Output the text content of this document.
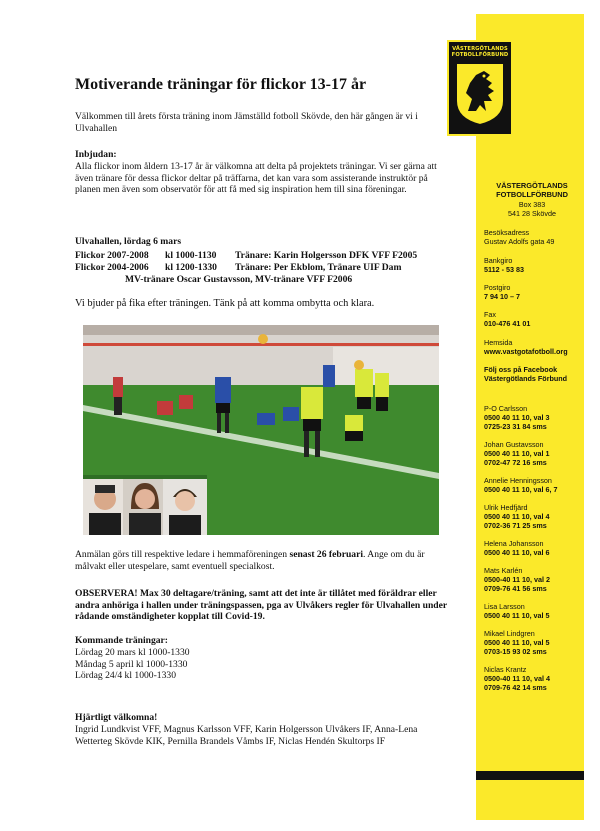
VÄSTERGÖTLANDS
FOTBOLLFÖRBUND
VÄSTERGÖTLANDS
FOTBOLLFÖRBUND
Box 383
541 28 Skövde
Besöksadress
Gustav Adolfs gata 49
Bankgiro
5112 - 53 83
Postgiro
7 94 10 – 7
Fax
010-476 41 01
Hemsida
www.vastgotafotboll.org
Följ oss på Facebook
Västergötlands Förbund
Motiverande träningar för flickor 13-17 år
Välkommen till årets första träning inom Jämställd fotboll Skövde, den här gången är vi i Ulvahallen
Inbjudan:
Alla flickor inom åldern 13-17 år är välkomna att delta på projektets träningar. Vi ser gärna att även tränare för dessa flickor deltar på träffarna, det kan vara som assisterande instruktör på planen men även som observatör för att få med sig inspiration hem till sina föreningar.
Ulvahallen, lördag 6 mars
Flickor 2007-2008 kl 1000-1130 Tränare: Karin Holgersson DFK VFF F2005
Flickor 2004-2006 kl 1200-1330 Tränare: Per Ekblom, Tränare UIF Dam
MV-tränare Oscar Gustavsson, MV-tränare VFF F2006
Vi bjuder på fika efter träningen. Tänk på att komma ombytta och klara.
Anmälan görs till respektive ledare i hemmaföreningen senast 26 februari. Ange om du är målvakt eller utespelare, samt eventuell specialkost.
OBSERVERA! Max 30 deltagare/träning, samt att det inte är tillåtet med föräldrar eller andra anhöriga i hallen under träningspassen, pga av Ulvåkers regler för Ulvahallen under rådande omständigheter kopplat till Covid-19.
Kommande träningar:
Lördag 20 mars kl 1000-1330
Måndag 5 april kl 1000-1330
Lördag 24/4 kl 1000-1330
Hjärtligt välkomna!
Ingrid Lundkvist VFF, Magnus Karlsson VFF, Karin Holgersson Ulvåkers IF, Anna-Lena Wetterteg Skövde KIK, Pernilla Brandels Våmbs IF, Niclas Hendén Skultorps IF
P-O Carlsson
0500 40 11 10, val 3
0725-23 31 84 sms
Johan Gustavsson
0500 40 11 10, val 1
0702-47 72 16 sms
Annelie Henningsson
0500 40 11 10, val 6, 7
Ulrik Hedfjärd
0500 40 11 10, val 4
0702-36 71 25 sms
Helena Johansson
0500 40 11 10, val 6
Mats Karlén
0500-40 11 10, val 2
0709-76 41 56 sms
Lisa Larsson
0500 40 11 10, val 5
Mikael Lindgren
0500 40 11 10, val 5
0703-15 93 02 sms
Niclas Krantz
0500-40 11 10, val 4
0709-76 42 14 sms
